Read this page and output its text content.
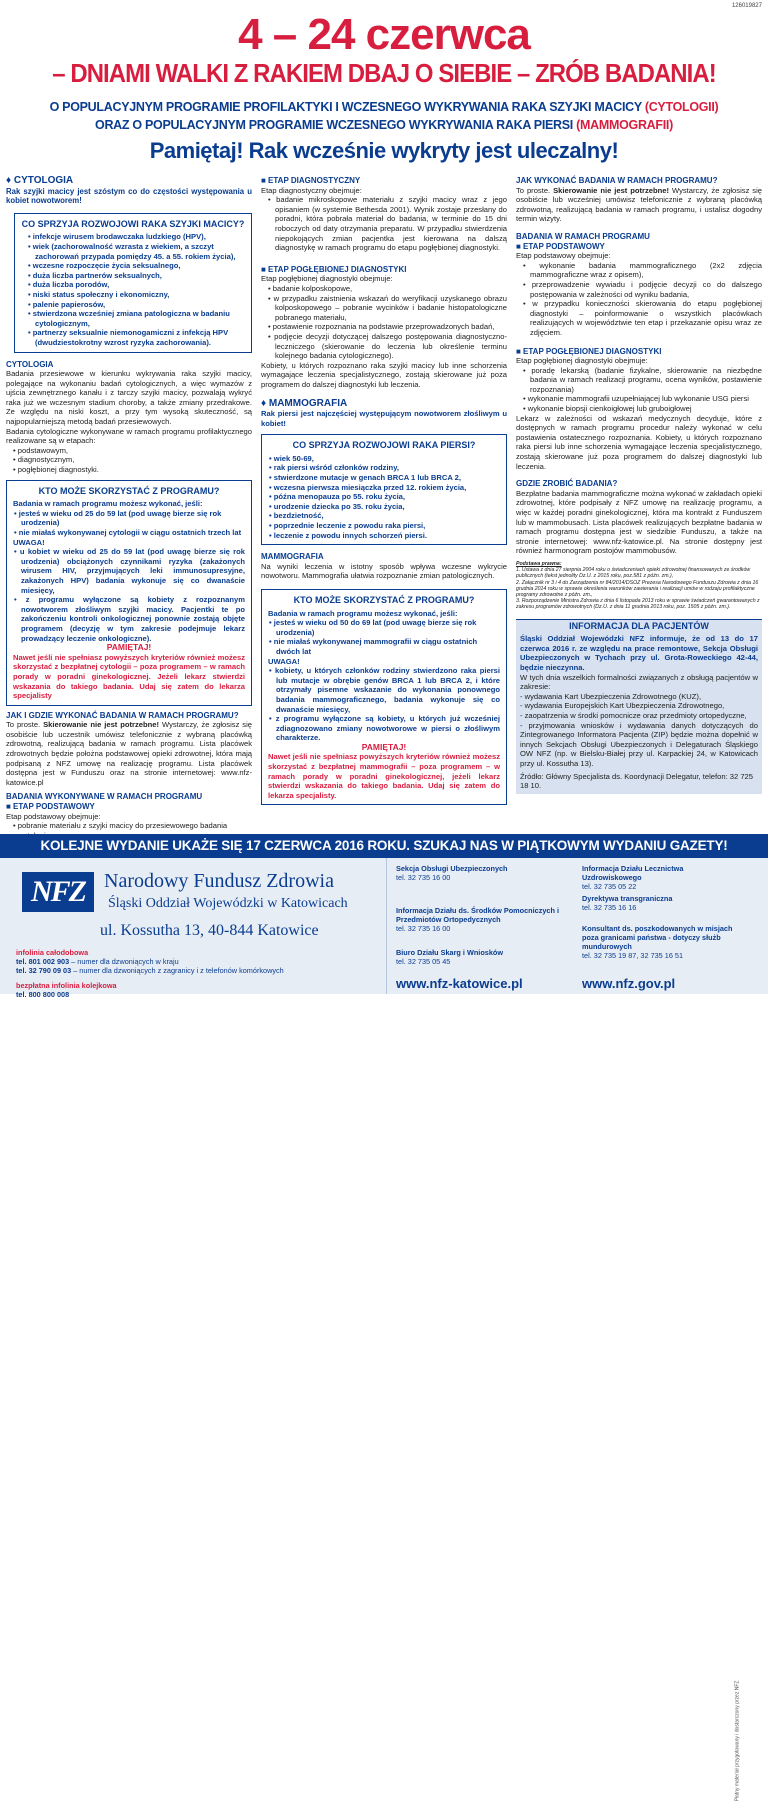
126019827
4 – 24 czerwca
– DNIAMI WALKI Z RAKIEM DBAJ O SIEBIE – ZRÓB BADANIA!
O POPULACYJNYM PROGRAMIE PROFILAKTYKI I WCZESNEGO WYKRYWANIA RAKA SZYJKI MACICY (CYTOLOGII)
ORAZ O POPULACYJNYM PROGRAMIE WCZESNEGO WYKRYWANIA RAKA PIERSI (MAMMOGRAFII)
Pamiętaj! Rak wcześnie wykryty jest uleczalny!
♦ CYTOLOGIA
Rak szyjki macicy jest szóstym co do częstości występowania u kobiet nowotworem!
CO SPRZYJA ROZWOJOWI RAKA SZYJKI MACICY?
• infekcje wirusem brodawczaka ludzkiego (HPV),
• wiek (zachorowalność wzrasta z wiekiem, a szczyt zachorowań przypada pomiędzy 45. a 55. rokiem życia),
• wczesne rozpoczęcie życia seksualnego,
• duża liczba partnerów seksualnych,
• duża liczba porodów,
• niski status społeczny i ekonomiczny,
• palenie papierosów,
• stwierdzona wcześniej zmiana patologiczna w badaniu cytologicznym,
• partnerzy seksualnie niemonogamiczni z infekcją HPV (dwudziestokrotny wzrost ryzyka zachorowania).
CYTOLOGIA
Badania przesiewowe w kierunku wykrywania raka szyjki macicy, polegające na wykonaniu badań cytologicznych, a więc wymazów z ujścia zewnętrznego kanału i z tarczy szyjki macicy, pozwalają wykryć raka już we wczesnym stadium choroby, a także zmiany przedrakowe. Ze względu na niski koszt, a przy tym wysoką skuteczność, są najpopularniejszą metodą badań przesiewowych.
Badania cytologiczne wykonywane w ramach programu profilaktycznego realizowane są w etapach:
• podstawowym,
• diagnostycznym,
• pogłębionej diagnostyki.
KTO MOŻE SKORZYSTAĆ Z PROGRAMU?
Badania w ramach programu możesz wykonać, jeśli:
• jesteś w wieku od 25 do 59 lat (pod uwagę bierze się rok urodzenia)
• nie miałaś wykonywanej cytologii w ciągu ostatnich trzech lat
UWAGA!
• u kobiet w wieku od 25 do 59 lat (pod uwagę bierze się rok urodzenia) obciążonych czynnikami ryzyka (zakażonych wirusem HIV, przyjmujących leki immunosupresyjne, zakażonych HPV) badania wykonuje się co dwanaście miesięcy,
• z programu wyłączone są kobiety z rozpoznanym nowotworem złośliwym szyjki macicy. Pacjentki te po zakończeniu kontroli onkologicznej ponownie zostają objęte programem (decyzję w tym zakresie podejmuje lekarz prowadzący leczenie onkologiczne).
PAMIĘTAJ!
Nawet jeśli nie spełniasz powyższych kryteriów również możesz skorzystać z bezpłatnej cytologii – poza programem – w ramach porady w poradni ginekologicznej. Jeżeli lekarz stwierdzi wskazania do takiego badania. Udaj się zatem do lekarza specjalisty
JAK I GDZIE WYKONAĆ BADANIA W RAMACH PROGRAMU?
To proste. Skierowanie nie jest potrzebne! Wystarczy, że zgłosisz się osobiście lub uczestnik umówisz telefonicznie z wybraną placówką zdrowotną, realizującą badania w ramach programu. Lista placówek zdrowotnych będzie położna podstawowej opieki zdrowotnej, która mają podpisaną z NFZ umowę na realizację programu. Lista placówek dostępna jest w Funduszu oraz na stronie internetowej: www.nfz-katowice.pl
BADANIA WYKONYWANE W RAMACH PROGRAMU
■ ETAP PODSTAWOWY
Etap podstawowy obejmuje:
• pobranie materiału z szyjki macicy do przesiewowego badania
■ ETAP DIAGNOSTYCZNY
Etap diagnostyczny obejmuje:
• badanie mikroskopowe materiału z szyjki macicy wraz z jego opisaniem (w systemie Bethesda 2001). Wynik zostaje przesłany do poradni, która pobrała materiał do badania, w terminie do 15 dni roboczych od daty otrzymania preparatu. W przypadku stwierdzenia niepokojących zmian pacjentka jest kierowana na dalszą diagnostykę w ramach programu do etapu pogłębionej diagnostyki.
■ ETAP POGŁĘBIONEJ DIAGNOSTYKI
Etap pogłębionej diagnostyki obejmuje:
• badanie kolposkopowe,
• w przypadku zaistnienia wskazań do weryfikacji uzyskanego obrazu kolposkopowego – pobranie wycinków i badanie histopatologiczne pobranego materiału,
• postawienie rozpoznania na podstawie przeprowadzonych badań,
• podjęcie decyzji dotyczącej dalszego postępowania diagnostyczno-leczniczego (skierowanie do leczenia lub określenie terminu kolejnego badania cytologicznego).
Kobiety, u których rozpoznano raka szyjki macicy lub inne schorzenia wymagające leczenia specjalistycznego, zostają skierowane już poza programem do dalszej diagnostyki lub leczenia.
♦ MAMMOGRAFIA
Rak piersi jest najczęściej występującym nowotworem złośliwym u kobiet!
CO SPRZYJA ROZWOJOWI RAKA PIERSI?
• wiek 50-69,
• rak piersi wśród członków rodziny,
• stwierdzone mutacje w genach BRCA 1 lub BRCA 2,
• wczesna pierwsza miesiączka przed 12. rokiem życia,
• późna menopauza po 55. roku życia,
• urodzenie dziecka po 35. roku życia,
• bezdzietność,
• poprzednie leczenie z powodu raka piersi,
• leczenie z powodu innych schorzeń piersi.
MAMMOGRAFIA
Na wyniki leczenia w istotny sposób wpływa wczesne wykrycie nowotworu. Mammografia ułatwia rozpoznanie zmian patologicznych.
KTO MOŻE SKORZYSTAĆ Z PROGRAMU?
Badania w ramach programu możesz wykonać, jeśli:
• jesteś w wieku od 50 do 69 lat (pod uwagę bierze się rok urodzenia)
• nie miałaś wykonywanej mammografii w ciągu ostatnich dwóch lat
UWAGA!
• kobiety, u których członków rodziny stwierdzono raka piersi lub mutacje w obrębie genów BRCA 1 lub BRCA 2, i które otrzymały pisemne wskazanie do wykonania ponownego badania mammograficznego, badania wykonuje się co dwanaście miesięcy,
• z programu wyłączone są kobiety, u których już wcześniej zdiagnozowano zmiany nowotworowe w piersi o złośliwym charakterze.
PAMIĘTAJ!
Nawet jeśli nie spełniasz powyższych kryteriów również możesz skorzystać z bezpłatnej mammografii – poza programem – w ramach porady w poradni ginekologicznej, jeżeli lekarz stwierdzi wskazania do takiego badania. Udaj się zatem do lekarza specjalisty.
JAK WYKONAĆ BADANIA W RAMACH PROGRAMU?
To proste. Skierowanie nie jest potrzebne! Wystarczy, że zgłosisz się osobiście lub wcześniej umówisz telefonicznie z wybraną placówką zdrowotną, realizującą badania w ramach programu, i ustalisz dogodny termin wizyty.
BADANIA W RAMACH PROGRAMU
■ ETAP PODSTAWOWY
Etap podstawowy obejmuje:
• wykonanie badania mammograficznego (2x2 zdjęcia mammograficzne wraz z opisem),
• przeprowadzenie wywiadu i podjęcie decyzji co do dalszego postępowania w zależności od wyniku badania,
• w przypadku konieczności skierowania do etapu pogłębionej diagnostyki – poinformowanie o wszystkich placówkach realizujących w województwie ten etap i przekazanie opisu wraz ze zdjęciem.
■ ETAP POGŁĘBIONEJ DIAGNOSTYKI
Etap pogłębionej diagnostyki obejmuje:
• poradę lekarską (badanie fizykalne, skierowanie na niezbędne badania w ramach realizacji programu, ocena wyników, postawienie rozpoznania)
• wykonanie mammografii uzupełniającej lub wykonanie USG piersi
• wykonanie biopsji cienkoigłowej lub gruboigłowej
Lekarz w zależności od wskazań medycznych decyduje, które z dostępnych w ramach programu procedur należy wykonać w celu postawienia ostatecznego rozpoznania. Kobiety, u których rozpoznano raka piersi lub inne schorzenia wymagające leczenia specjalistycznego, zostają skierowane już poza programem do dalszej diagnostyki lub leczenia.
GDZIE ZROBIĆ BADANIA?
Bezpłatne badania mammograficzne można wykonać w zakładach opieki zdrowotnej, które podpisały z NFZ umowę na realizację programu, a więc w każdej poradni ginekologicznej, która ma kontrakt z Funduszem lub w mammobusach. Lista placówek realizujących bezpłatne badania w ramach programu dostępna jest w siedzibie Funduszu, a także na stronie internetowej: www.nfz-katowice.pl. Na stronie dostępny jest również harmonogram postojów mammobusów.
Podstawa prawna:
1. Ustawa z dnia 27 sierpnia 2004 roku o świadczeniach opieki zdrowotnej finansowanych ze środków publicznych (tekst jednolity Dz.U. z 2015 roku, poz.581 z późn. zm.),
2. Załącznik nr 3 i 4 do Zarządzenia nr 84/2014/DSOZ Prezesa Narodowego Funduszu Zdrowia z dnia 16 grudnia 2014 roku w sprawie określenia warunków zawierania i realizacji umów w rodzaju profilaktyczne programy zdrowotne z późn. zm.,
3. Rozporządzenie Ministra Zdrowia z dnia 6 listopada 2013 roku w sprawie świadczeń gwarantowanych z zakresu programów zdrowotnych (Dz.U. z dnia 11 grudnia 2013 roku, poz. 1505 z późn. zm.).
INFORMACJA DLA PACJENTÓW
Śląski Oddział Wojewódzki NFZ informuje, że od 13 do 17 czerwca 2016 r. ze względu na prace remontowe, Sekcja Obsługi Ubezpieczonych w Tychach przy ul. Grota-Roweckiego 42-44, będzie nieczynna.
W tych dnia wszelkich formalności związanych z obsługą pacjentów w zakresie:
- wydawania Kart Ubezpieczenia Zdrowotnego (KUZ),
- wydawania Europejskich Kart Ubezpieczenia Zdrowotnego,
- zaopatrzenia w środki pomocnicze oraz przedmioty ortopedyczne,
- przyjmowania wniosków i wydawania danych dotyczących do Zintegrowanego Informatora Pacjenta (ZIP) będzie można dopełnić w innych Sekcjach Obsługi Ubezpieczonych i Delegaturach Śląskiego OW NFZ (np. w Bielsku-Białej przy ul. Karpackiej 24, w Katowicach przy ul. Kossutha 13).
Źródło: Główny Specjalista ds. Koordynacji Delegatur, telefon: 32 725 18 10.
KOLEJNE WYDANIE UKAŻE SIĘ 17 CZERWCA 2016 ROKU. SZUKAJ NAS W PIĄTKOWYM WYDANIU GAZETY!
NFZ Narodowy Fundusz Zdrowia
Śląski Oddział Wojewódzki w Katowicach
ul. Kossutha 13, 40-844 Katowice
infolinia całodobowa
tel. 801 002 903 – numer dla dzwoniących w kraju
tel. 32 790 09 03 – numer dla dzwoniących z zagranicy i z telefonów komórkowych
bezpłatna infolinia kolejkowa
tel. 800 800 008
Sekcja Obsługi Ubezpieczonych
tel. 32 735 16 00
Informacja Działu ds. Środków Pomocniczych i Przedmiotów Ortopedycznych
tel. 32 735 16 00
Biuro Działu Skarg i Wniosków
tel. 32 735 05 45
www.nfz-katowice.pl
Informacja Działu Lecznictwa Uzdrowiskowego
tel. 32 735 05 22
Dyrektywa transgraniczna
tel. 32 735 16 16
Konsultant ds. poszkodowanych w misjach poza granicami państwa - dotyczy służb mundurowych
tel. 32 735 19 87, 32 735 16 51
www.nfz.gov.pl
Płatny materiał przygotowany i dostarczony przez NFZ
